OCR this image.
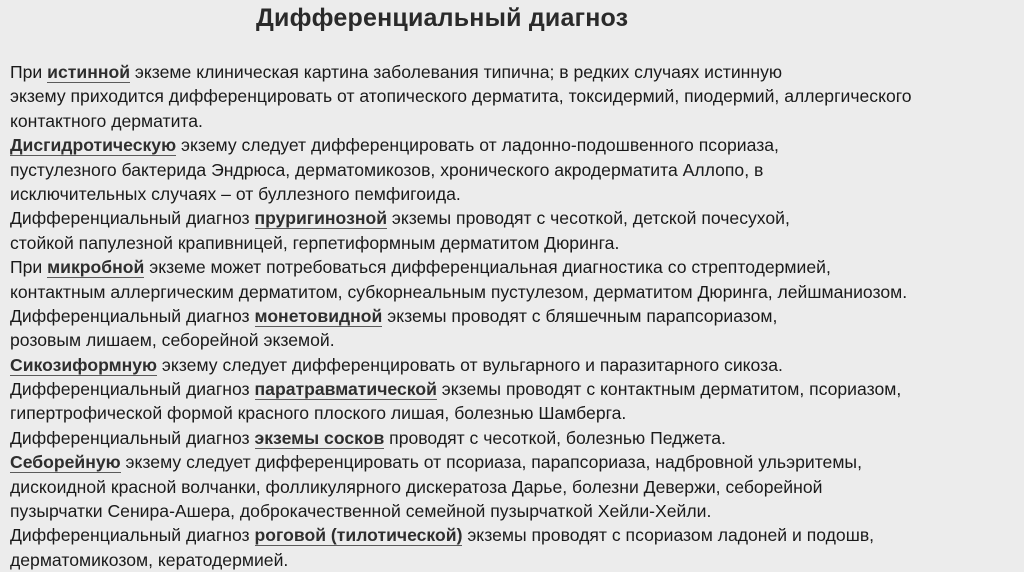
Дифференциальный диагноз
При истинной экземе клиническая картина заболевания типична; в редких случаях истинную
экзему приходится дифференцировать от атопического дерматита, токсидермий, пиодермий, аллергического
контактного дерматита.
Дисгидротическую экзему следует дифференцировать от ладонно-подошвенного псориаза,
пустулезного бактерида Эндрюса, дерматомикозов, хронического акродерматита Аллопо, в
исключительных случаях – от буллезного пемфигоида.
Дифференциальный диагноз пруригинозной экземы проводят с чесоткой, детской почесухой,
стойкой папулезной крапивницей, герпетиформным дерматитом Дюринга.
При микробной экземе может потребоваться дифференциальная диагностика со стрептодермией,
контактным аллергическим дерматитом, субкорнеальным пустулезом, дерматитом Дюринга, лейшманиозом.
Дифференциальный диагноз монетовидной экземы проводят с бляшечным парапсориазом,
розовым лишаем, себорейной экземой.
Сикозиформную экзему следует дифференцировать от вульгарного и паразитарного сикоза.
Дифференциальный диагноз паратравматической экземы проводят с контактным дерматитом, псориазом,
гипертрофической формой красного плоского лишая, болезнью Шамберга.
Дифференциальный диагноз экземы сосков проводят с чесоткой, болезнью Педжета.
Себорейную экзему следует дифференцировать от псориаза, парапсориаза, надбровной ульэритемы,
дискоидной красной волчанки, фолликулярного дискератоза Дарье, болезни Девержи, себорейной
пузырчатки Сенира-Ашера, доброкачественной семейной пузырчаткой Хейли-Хейли.
Дифференциальный диагноз роговой (тилотической) экземы проводят с псориазом ладоней и подошв,
дерматомикозом, кератодермией.
